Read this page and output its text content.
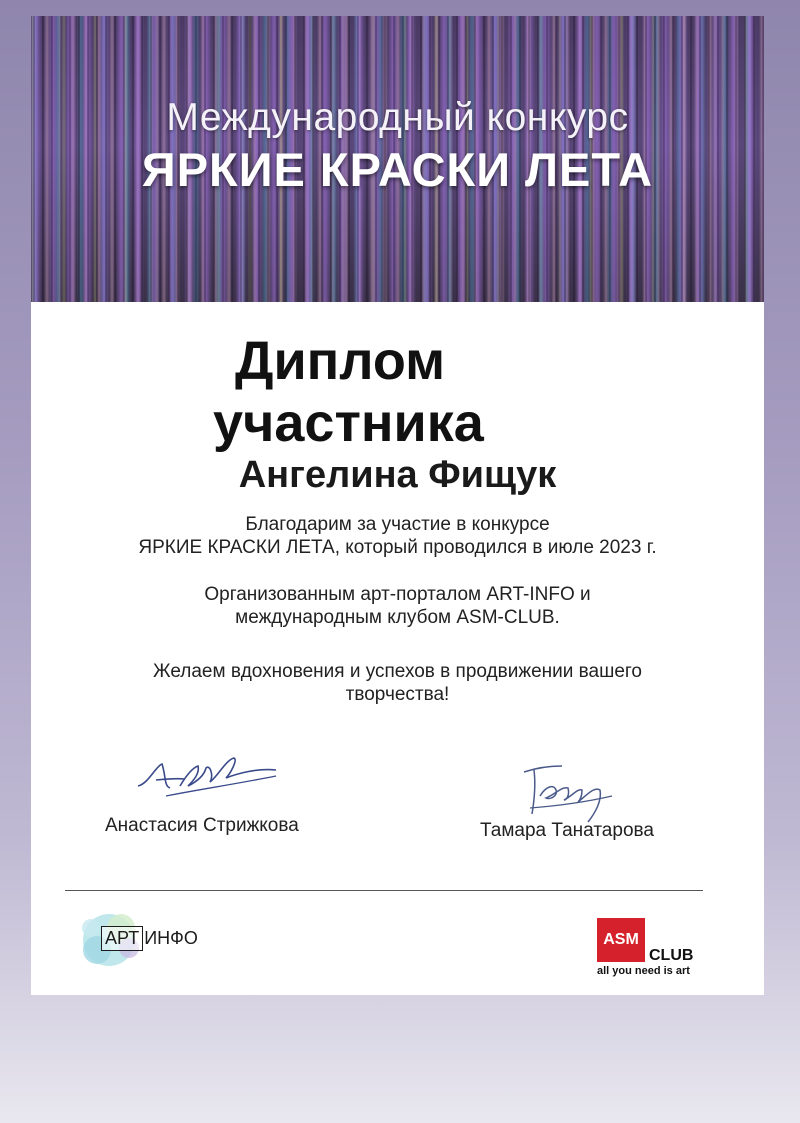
Международный конкурс
ЯРКИЕ КРАСКИ ЛЕТА
Диплом
участника
Ангелина Фищук
Благодарим за участие в конкурсе
ЯРКИЕ КРАСКИ ЛЕТА, который проводился в июле 2023 г.
Организованным арт-порталом ART-INFO и
международным клубом ASM-CLUB.
Желаем вдохновения и успехов в продвижении вашего
творчества!
Анастасия Стрижкова	Тамара Танатарова
АРТ ИНФО	ASM
CLUB
all you need is art
